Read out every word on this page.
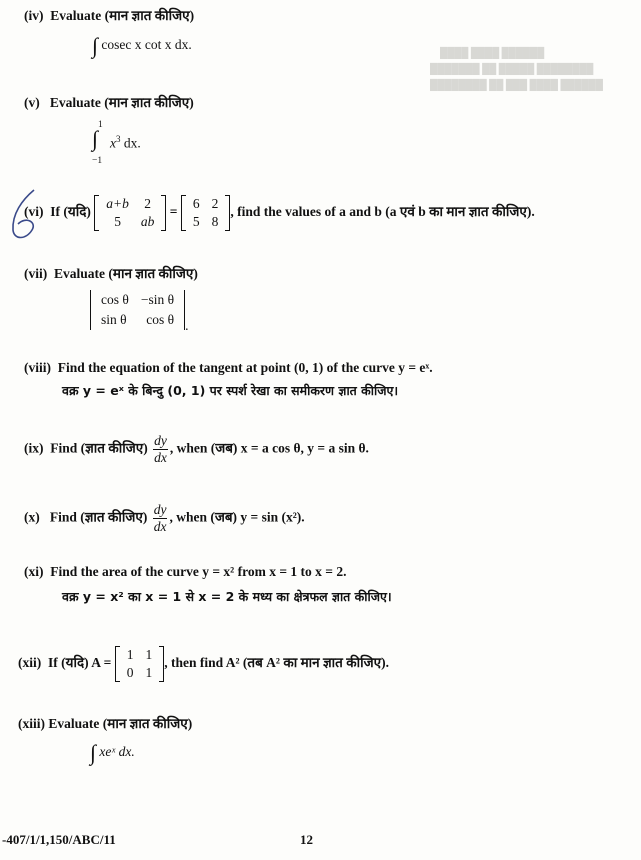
████ ████ ██████
███████ ██ █████ ████████
████████ ██ ███ ████ ██████
(iv) Evaluate (मान ज्ञात कीजिए)
∫ cosec x cot x dx.
(v) Evaluate (मान ज्ञात कीजिए)
1
∫
−1
$x^3$ dx.
(vi) If (यदि)
a+b	2
5	ab
=
6	2
5	8
, find the values of a and b (a एवं b का मान ज्ञात कीजिए).
(vii) Evaluate (मान ज्ञात कीजिए)
cos θ	−sin θ
sin θ	cos θ .
(viii) Find the equation of the tangent at point (0, 1) of the curve y = eˣ.
वक्र y = eˣ के बिन्दु (0, 1) पर स्पर्श रेखा का समीकरण ज्ञात कीजिए।
(ix) Find (ज्ञात कीजिए) $\frac{dy}{dx}$ , when (जब) x = a cos θ, y = a sin θ.
(x) Find (ज्ञात कीजिए) $\frac{dy}{dx}$ , when (जब) y = sin (x²).
(xi) Find the area of the curve y = x² from x = 1 to x = 2.
वक्र y = x² का x = 1 से x = 2 के मध्य का क्षेत्रफल ज्ञात कीजिए।
(xii) If (यदि) A =
1	1
0	1
, then find A² (तब A² का मान ज्ञात कीजिए).
(xiii) Evaluate (मान ज्ञात कीजिए)
∫ xeˣ dx.
-407/1/1,150/ABC/11	12
